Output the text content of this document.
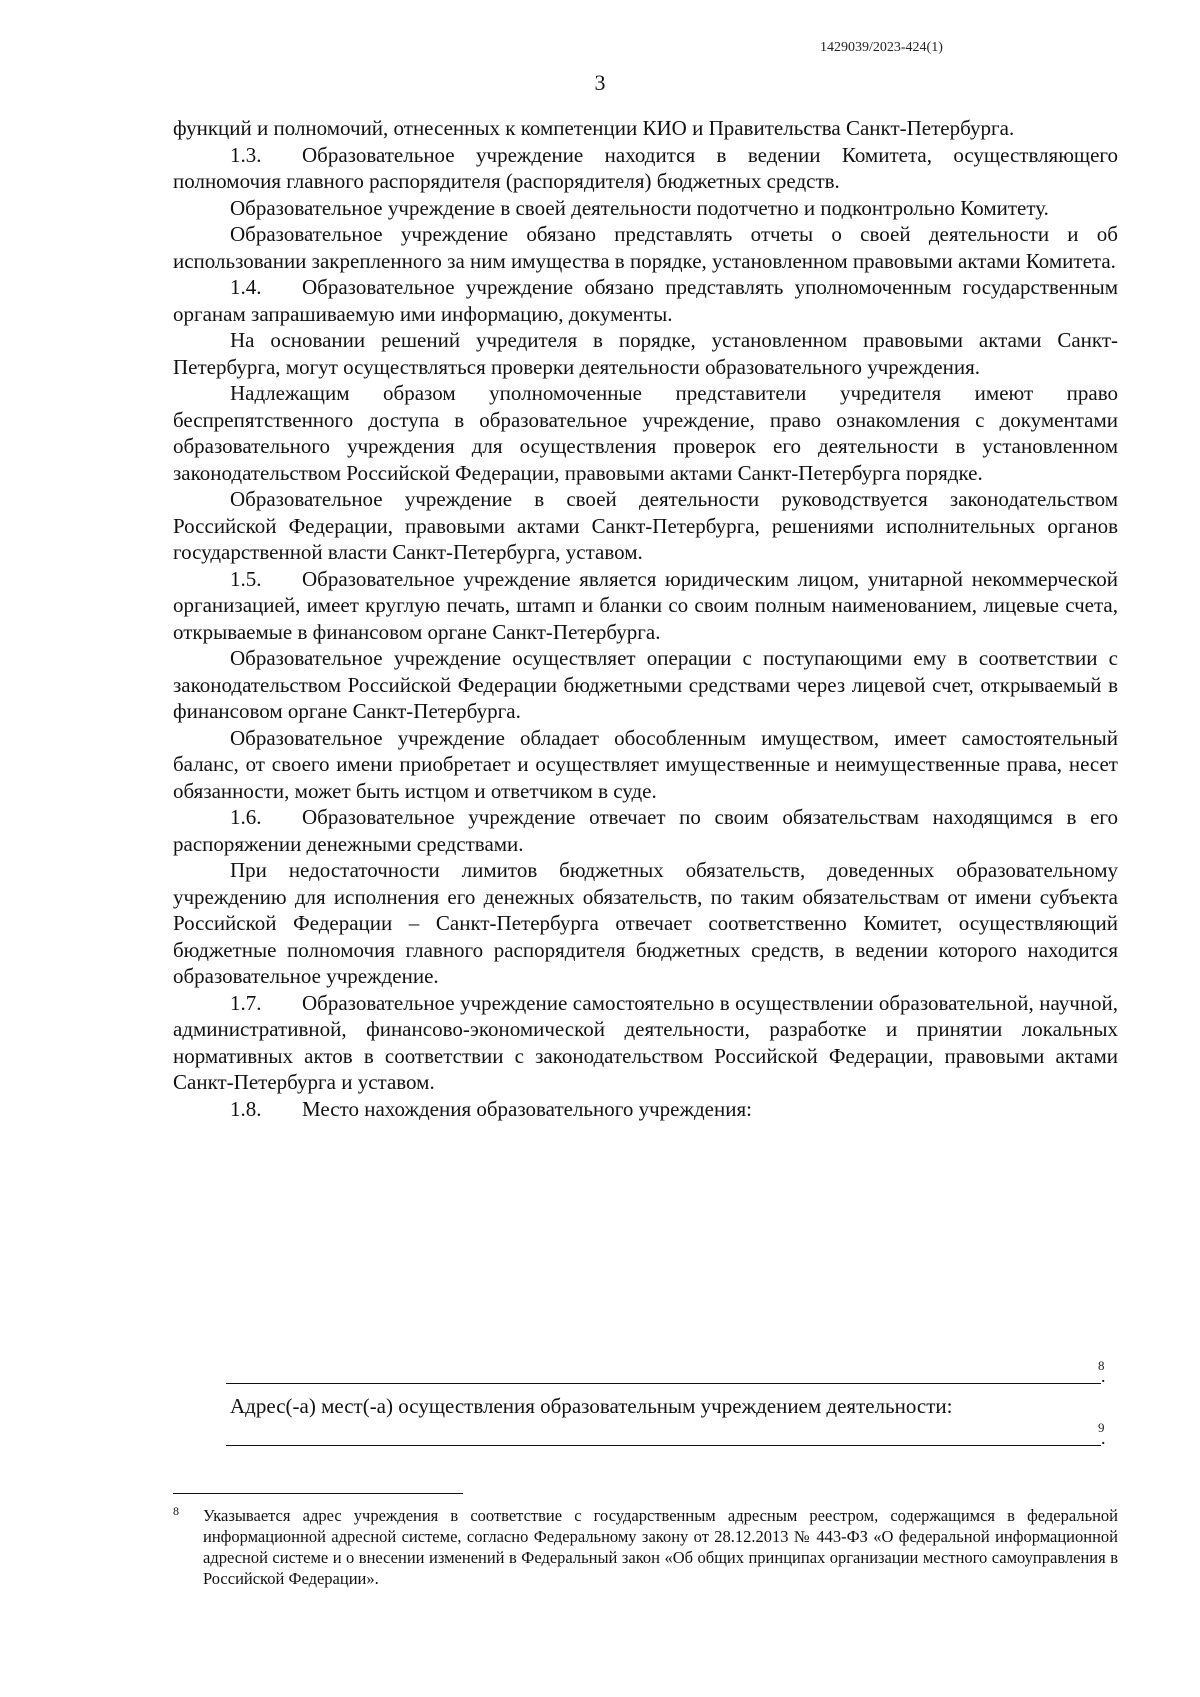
1429039/2023-424(1)
3

функций и полномочий, отнесенных к компетенции КИО и Правительства Санкт-Петербурга.

1.3. Образовательное учреждение находится в ведении Комитета, осуществляющего полномочия главного распорядителя (распорядителя) бюджетных средств.

Образовательное учреждение в своей деятельности подотчетно и подконтрольно Комитету.

Образовательное учреждение обязано представлять отчеты о своей деятельности и об использовании закрепленного за ним имущества в порядке, установленном правовыми актами Комитета.

1.4. Образовательное учреждение обязано представлять уполномоченным государственным органам запрашиваемую ими информацию, документы.

На основании решений учредителя в порядке, установленном правовыми актами Санкт-Петербурга, могут осуществляться проверки деятельности образовательного учреждения.

Надлежащим образом уполномоченные представители учредителя имеют право беспрепятственного доступа в образовательное учреждение, право ознакомления с документами образовательного учреждения для осуществления проверок его деятельности в установленном законодательством Российской Федерации, правовыми актами Санкт-Петербурга порядке.

Образовательное учреждение в своей деятельности руководствуется законодательством Российской Федерации, правовыми актами Санкт-Петербурга, решениями исполнительных органов государственной власти Санкт-Петербурга, уставом.

1.5. Образовательное учреждение является юридическим лицом, унитарной некоммерческой организацией, имеет круглую печать, штамп и бланки со своим полным наименованием, лицевые счета, открываемые в финансовом органе Санкт-Петербурга.

Образовательное учреждение осуществляет операции с поступающими ему в соответствии с законодательством Российской Федерации бюджетными средствами через лицевой счет, открываемый в финансовом органе Санкт-Петербурга.

Образовательное учреждение обладает обособленным имуществом, имеет самостоятельный баланс, от своего имени приобретает и осуществляет имущественные и неимущественные права, несет обязанности, может быть истцом и ответчиком в суде.

1.6. Образовательное учреждение отвечает по своим обязательствам находящимся в его распоряжении денежными средствами.

При недостаточности лимитов бюджетных обязательств, доведенных образовательному учреждению для исполнения его денежных обязательств, по таким обязательствам от имени субъекта Российской Федерации – Санкт-Петербурга отвечает соответственно Комитет, осуществляющий бюджетные полномочия главного распорядителя бюджетных средств, в ведении которого находится образовательное учреждение.

1.7. Образовательное учреждение самостоятельно в осуществлении образовательной, научной, административной, финансово-экономической деятельности, разработке и принятии локальных нормативных актов в соответствии с законодательством Российской Федерации, правовыми актами Санкт-Петербурга и уставом.

1.8. Место нахождения образовательного учреждения:

8
.
Адрес(-а) мест(-а) осуществления образовательным учреждением деятельности:
9
.
8 Указывается адрес учреждения в соответствие с государственным адресным реестром, содержащимся в федеральной информационной адресной системе, согласно Федеральному закону от 28.12.2013 № 443-ФЗ «О федеральной информационной адресной системе и о внесении изменений в Федеральный закон «Об общих принципах организации местного самоуправления в Российской Федерации».
